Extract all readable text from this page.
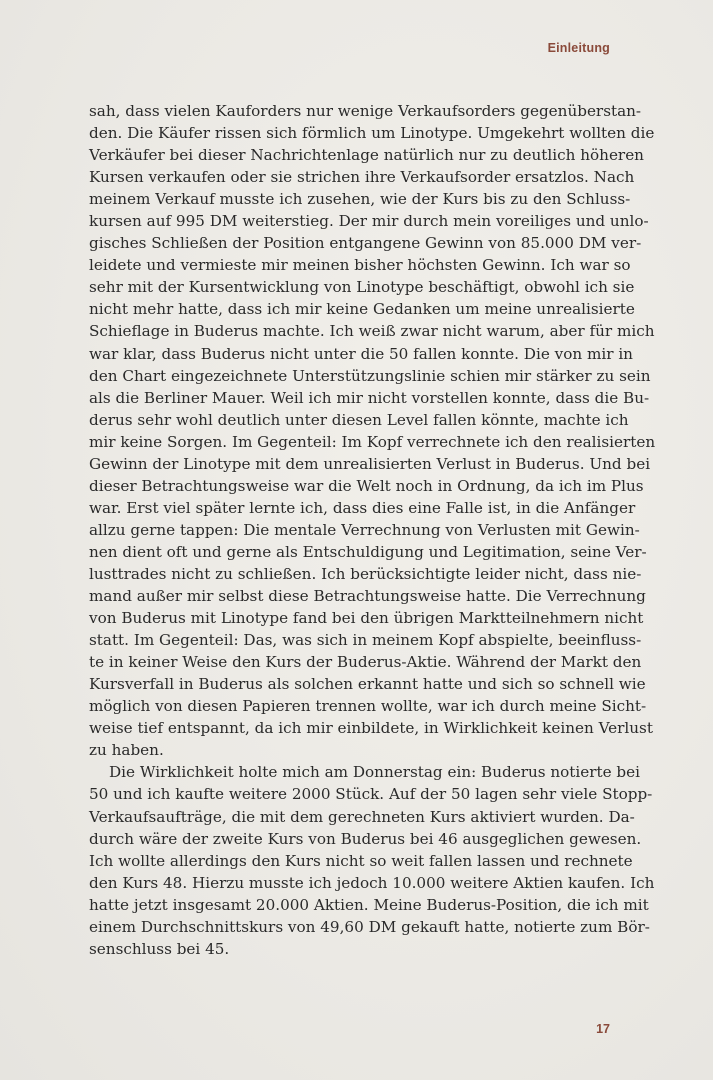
Einleitung
sah, dass vielen Kauforders nur wenige Verkaufsorders gegenüberstan-
den. Die Käufer rissen sich förmlich um Linotype. Umgekehrt wollten die
Verkäufer bei dieser Nachrichtenlage natürlich nur zu deutlich höheren
Kursen verkaufen oder sie strichen ihre Verkaufsorder ersatzlos. Nach
meinem Verkauf musste ich zusehen, wie der Kurs bis zu den Schluss-
kursen auf 995 DM weiterstieg. Der mir durch mein voreiliges und unlo-
gisches Schließen der Position entgangene Gewinn von 85.000 DM ver-
leidete und vermieste mir meinen bisher höchsten Gewinn. Ich war so
sehr mit der Kursentwicklung von Linotype beschäftigt, obwohl ich sie
nicht mehr hatte, dass ich mir keine Gedanken um meine unrealisierte
Schieflage in Buderus machte. Ich weiß zwar nicht warum, aber für mich
war klar, dass Buderus nicht unter die 50 fallen konnte. Die von mir in
den Chart eingezeichnete Unterstützungslinie schien mir stärker zu sein
als die Berliner Mauer. Weil ich mir nicht vorstellen konnte, dass die Bu-
derus sehr wohl deutlich unter diesen Level fallen könnte, machte ich
mir keine Sorgen. Im Gegenteil: Im Kopf verrechnete ich den realisierten
Gewinn der Linotype mit dem unrealisierten Verlust in Buderus. Und bei
dieser Betrachtungsweise war die Welt noch in Ordnung, da ich im Plus
war. Erst viel später lernte ich, dass dies eine Falle ist, in die Anfänger
allzu gerne tappen: Die mentale Verrechnung von Verlusten mit Gewin-
nen dient oft und gerne als Entschuldigung und Legitimation, seine Ver-
lusttrades nicht zu schließen. Ich berücksichtigte leider nicht, dass nie-
mand außer mir selbst diese Betrachtungsweise hatte. Die Verrechnung
von Buderus mit Linotype fand bei den übrigen Marktteilnehmern nicht
statt. Im Gegenteil: Das, was sich in meinem Kopf abspielte, beeinfluss-
te in keiner Weise den Kurs der Buderus-Aktie. Während der Markt den
Kursverfall in Buderus als solchen erkannt hatte und sich so schnell wie
möglich von diesen Papieren trennen wollte, war ich durch meine Sicht-
weise tief entspannt, da ich mir einbildete, in Wirklichkeit keinen Verlust
zu haben.
Die Wirklichkeit holte mich am Donnerstag ein: Buderus notierte bei
50 und ich kaufte weitere 2000 Stück. Auf der 50 lagen sehr viele Stopp-
Verkaufsaufträge, die mit dem gerechneten Kurs aktiviert wurden. Da-
durch wäre der zweite Kurs von Buderus bei 46 ausgeglichen gewesen.
Ich wollte allerdings den Kurs nicht so weit fallen lassen und rechnete
den Kurs 48. Hierzu musste ich jedoch 10.000 weitere Aktien kaufen. Ich
hatte jetzt insgesamt 20.000 Aktien. Meine Buderus-Position, die ich mit
einem Durchschnittskurs von 49,60 DM gekauft hatte, notierte zum Bör-
senschluss bei 45.
17
